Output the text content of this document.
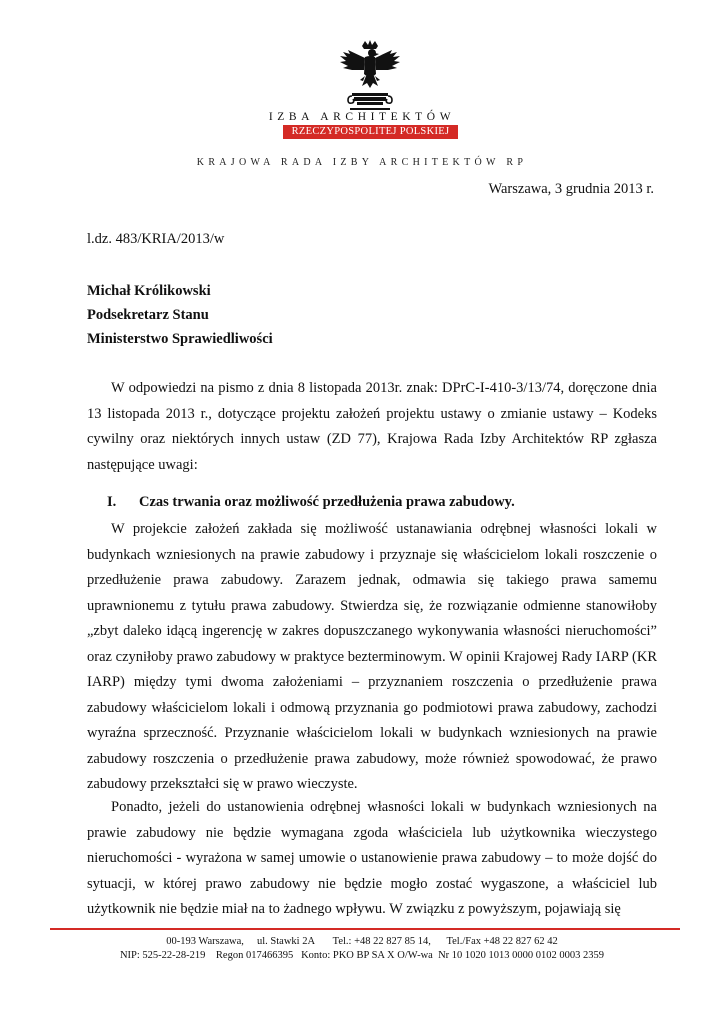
IZBA ARCHITEKTÓW
RZECZYPOSPOLITEJ POLSKIEJ
KRAJOWA RADA IZBY ARCHITEKTÓW RP
Warszawa, 3 grudnia 2013 r.
l.dz. 483/KRIA/2013/w
Michał Królikowski
Podsekretarz Stanu
Ministerstwo Sprawiedliwości
W odpowiedzi na pismo z dnia 8 listopada 2013r. znak: DPrC-I-410-3/13/74, doręczone dnia 13 listopada 2013 r., dotyczące projektu założeń projektu ustawy o zmianie ustawy – Kodeks cywilny oraz niektórych innych ustaw (ZD 77), Krajowa Rada Izby Architektów RP zgłasza następujące uwagi:
I. Czas trwania oraz możliwość przedłużenia prawa zabudowy.
W projekcie założeń zakłada się możliwość ustanawiania odrębnej własności lokali w budynkach wzniesionych na prawie zabudowy i przyznaje się właścicielom lokali roszczenie o przedłużenie prawa zabudowy. Zarazem jednak, odmawia się takiego prawa samemu uprawnionemu z tytułu prawa zabudowy. Stwierdza się, że rozwiązanie odmienne stanowiłoby „zbyt daleko idącą ingerencję w zakres dopuszczanego wykonywania własności nieruchomości” oraz czyniłoby prawo zabudowy w praktyce bezterminowym. W opinii Krajowej Rady IARP (KR IARP) między tymi dwoma założeniami – przyznaniem roszczenia o przedłużenie prawa zabudowy właścicielom lokali i odmową przyznania go podmiotowi prawa zabudowy, zachodzi wyraźna sprzeczność. Przyznanie właścicielom lokali w budynkach wzniesionych na prawie zabudowy roszczenia o przedłużenie prawa zabudowy, może również spowodować, że prawo zabudowy przekształci się w prawo wieczyste.
Ponadto, jeżeli do ustanowienia odrębnej własności lokali w budynkach wzniesionych na prawie zabudowy nie będzie wymagana zgoda właściciela lub użytkownika wieczystego nieruchomości - wyrażona w samej umowie o ustanowienie prawa zabudowy – to może dojść do sytuacji, w której prawo zabudowy nie będzie mogło zostać wygaszone, a właściciel lub użytkownik nie będzie miał na to żadnego wpływu. W związku z powyższym, pojawiają się
00-193 Warszawa,     ul. Stawki 2A       Tel.: +48 22 827 85 14,      Tel./Fax +48 22 827 62 42
NIP: 525-22-28-219    Regon 017466395   Konto: PKO BP SA X O/W-wa  Nr 10 1020 1013 0000 0102 0003 2359
